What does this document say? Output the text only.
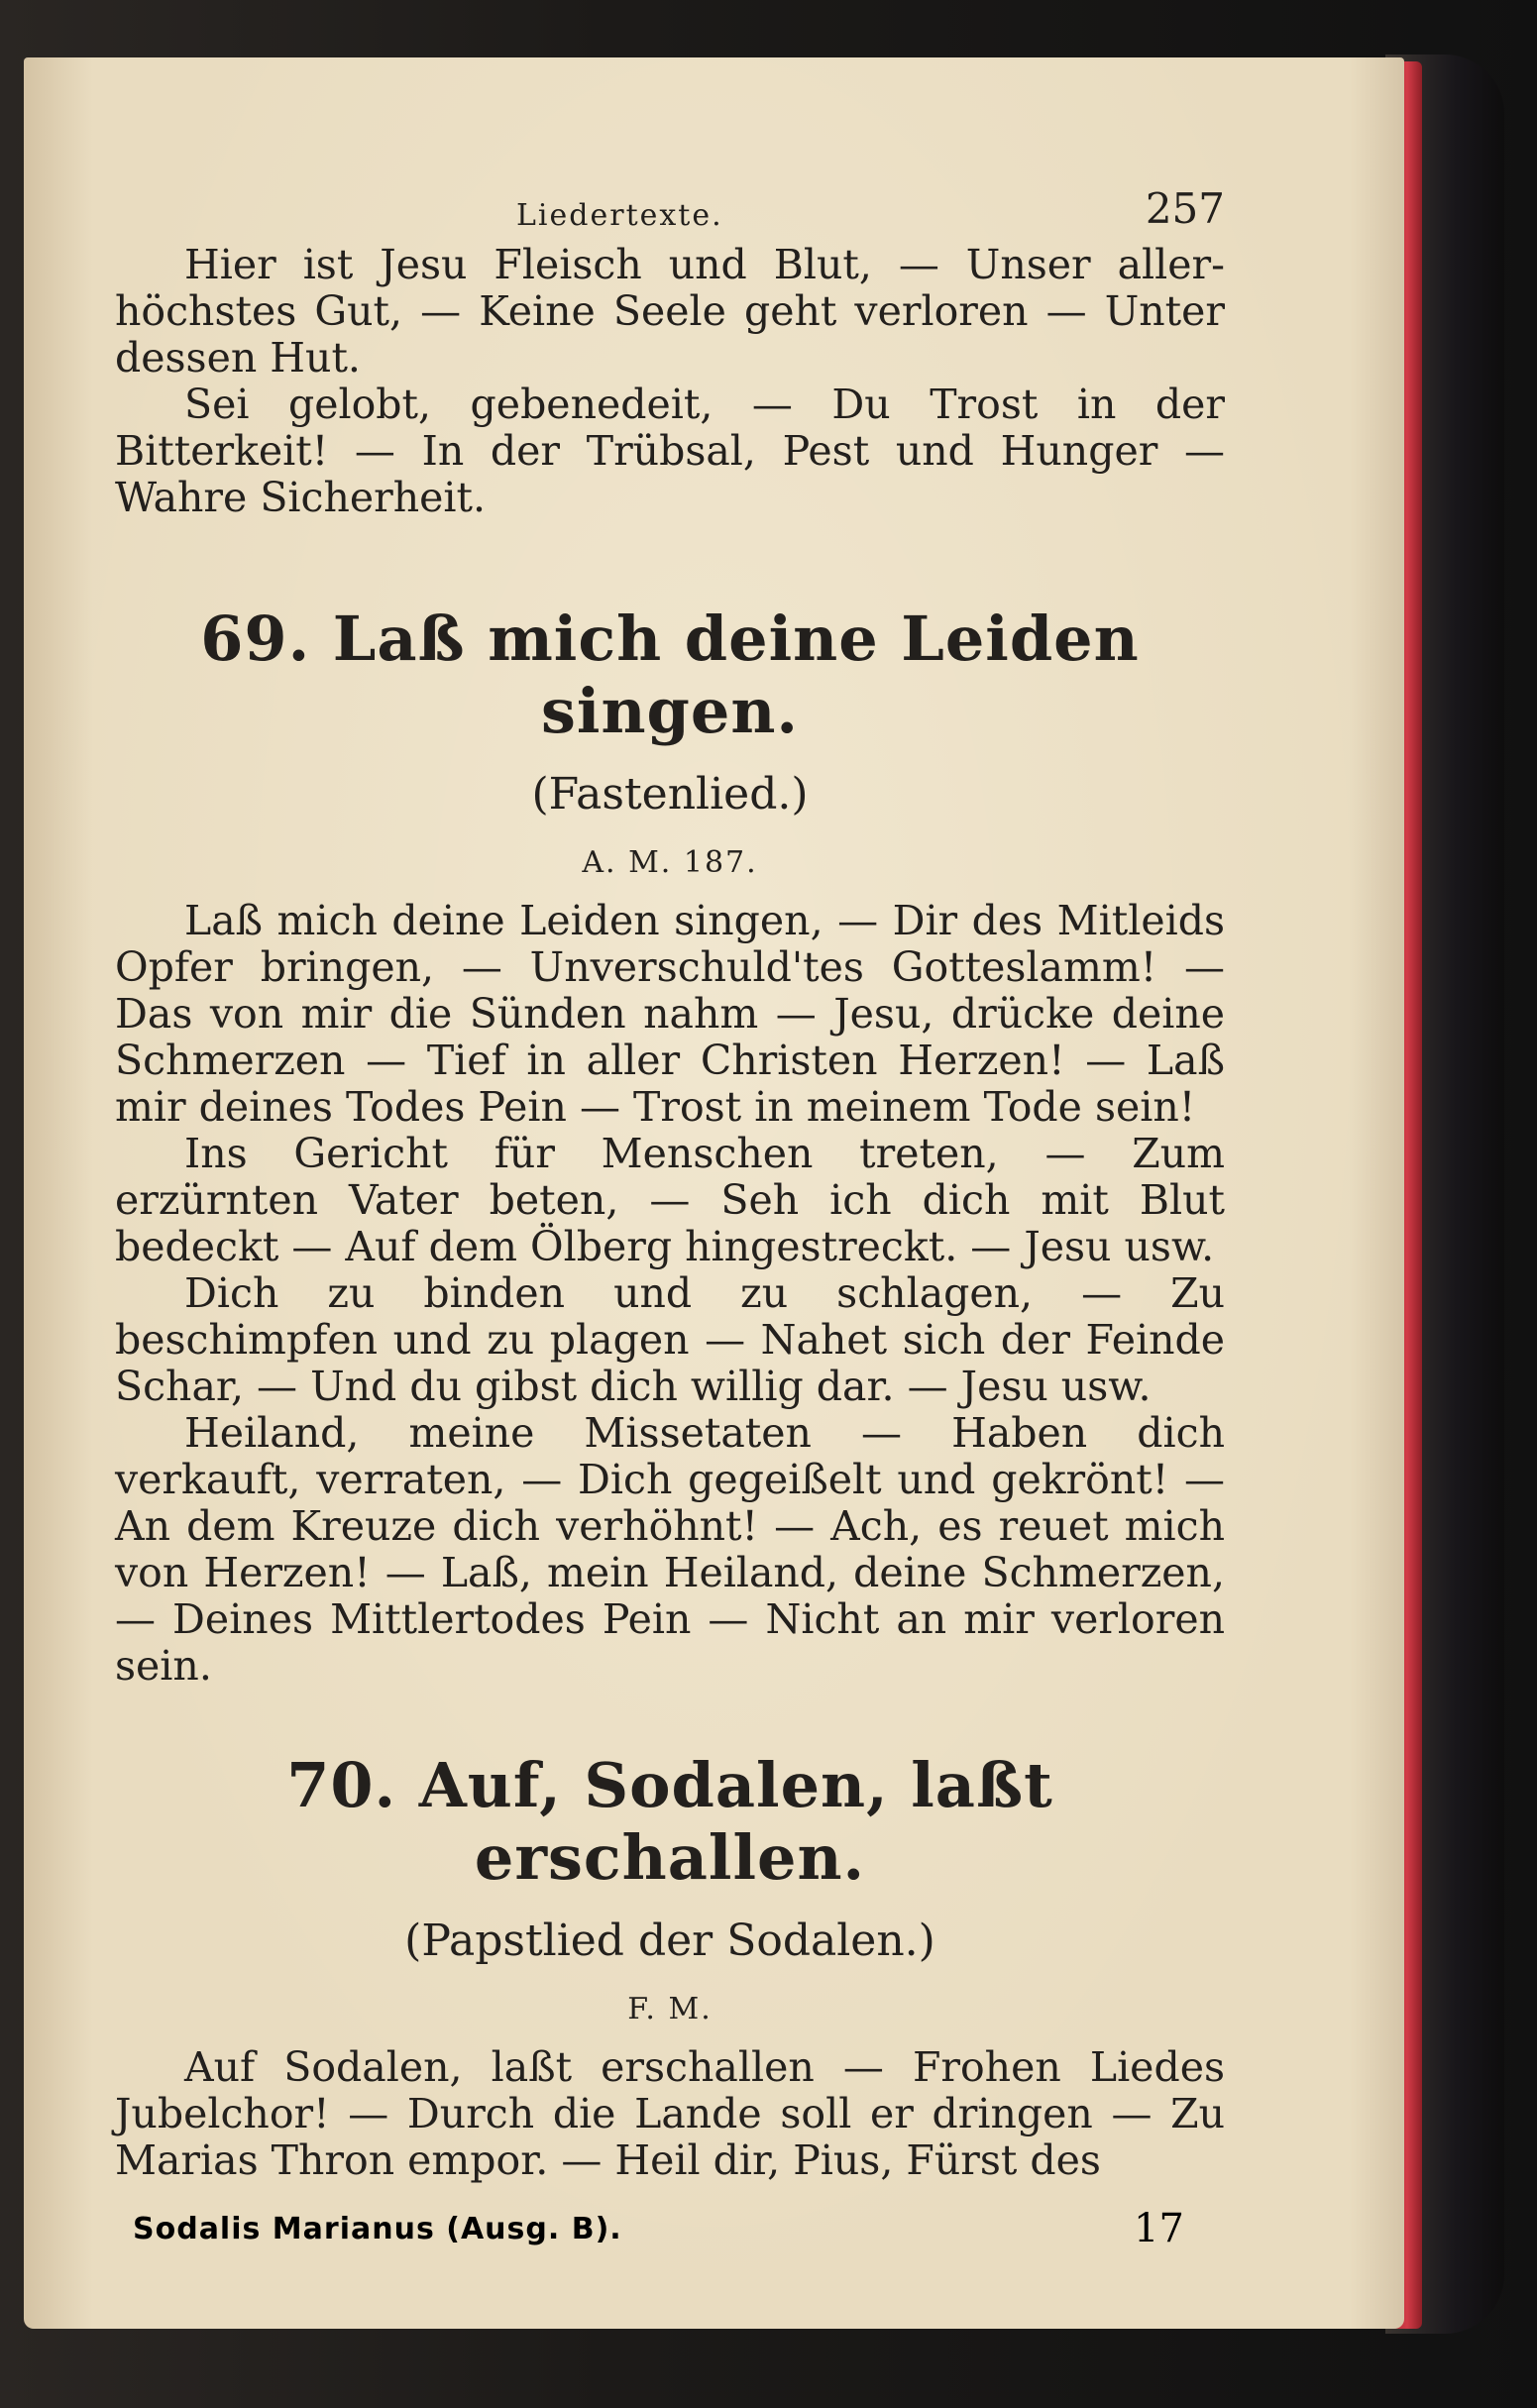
Liedertexte.	257

Hier ist Jesu Fleisch und Blut, — Unser aller-höchstes Gut, — Keine Seele geht verloren — Unter dessen Hut.

Sei gelobt, gebenedeit, — Du Trost in der Bitterkeit! — In der Trübsal, Pest und Hunger — Wahre Sicherheit.

69. Laß mich deine Leiden singen.
(Fastenlied.)
A. M. 187.

Laß mich deine Leiden singen, — Dir des Mitleids Opfer bringen, — Unverschuld'tes Gotteslamm! — Das von mir die Sünden nahm — Jesu, drücke deine Schmerzen — Tief in aller Christen Herzen! — Laß mir deines Todes Pein — Trost in meinem Tode sein!

Ins Gericht für Menschen treten, — Zum erzürnten Vater beten, — Seh ich dich mit Blut bedeckt — Auf dem Ölberg hingestreckt. — Jesu usw.

Dich zu binden und zu schlagen, — Zu beschimpfen und zu plagen — Nahet sich der Feinde Schar, — Und du gibst dich willig dar. — Jesu usw.

Heiland, meine Missetaten — Haben dich verkauft, verraten, — Dich gegeißelt und gekrönt! — An dem Kreuze dich verhöhnt! — Ach, es reuet mich von Herzen! — Laß, mein Heiland, deine Schmerzen, — Deines Mittlertodes Pein — Nicht an mir verloren sein.

70. Auf, Sodalen, laßt erschallen.
(Papstlied der Sodalen.)
F. M.

Auf Sodalen, laßt erschallen — Frohen Liedes Jubelchor! — Durch die Lande soll er dringen — Zu Marias Thron empor. — Heil dir, Pius, Fürst des

Sodalis Marianus (Ausg. B).	17
